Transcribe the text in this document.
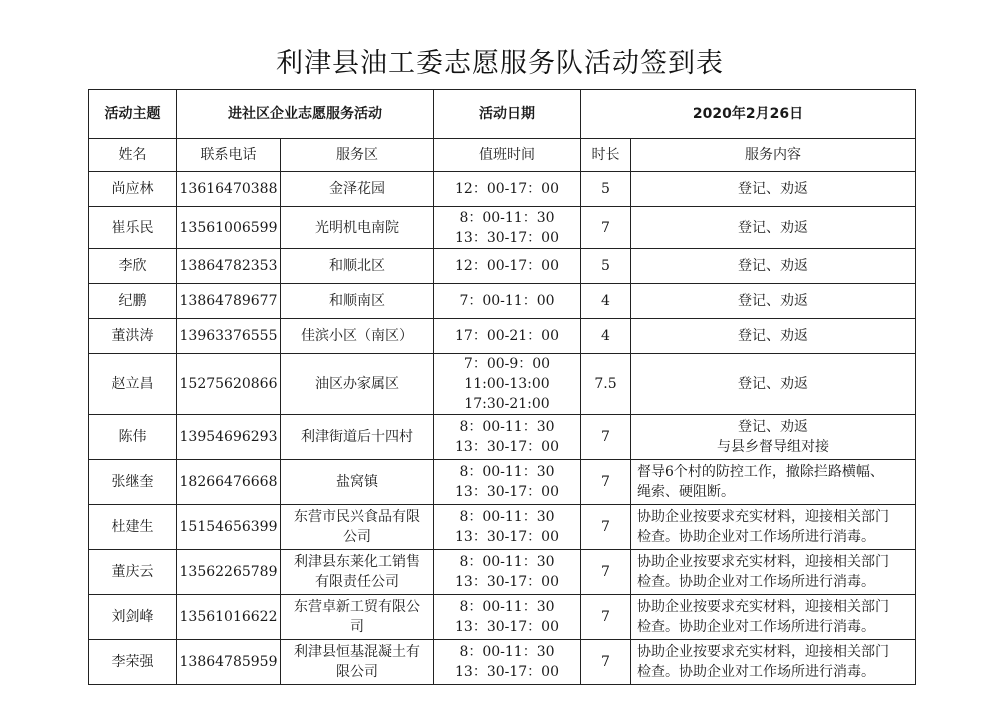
利津县油工委志愿服务队活动签到表
活动主题	进社区企业志愿服务活动		活动日期	2020年2月26日	
姓名	联系电话	服务区	值班时间	时长	服务内容
尚应林	13616470388	金泽花园	12：00-17：00	5	登记、劝返

崔乐民	13561006599	光明机电南院	8：00-11：30
13：30-17：00	7	登记、劝返

李欣	13864782353	和顺北区	12：00-17：00	5	登记、劝返

纪鹏	13864789677	和顺南区	7：00-11：00	4	登记、劝返

董洪涛	13963376555	佳滨小区（南区）	17：00-21：00	4	登记、劝返

赵立昌	15275620866	油区办家属区	7：00-9：00
11:00-13:00
17:30-21:00	7.5	登记、劝返

陈伟	13954696293	利津街道后十四村	8：00-11：30
13：30-17：00	7	登记、劝返
与县乡督导组对接

张继奎	18266476668	盐窝镇	8：00-11：30
13：30-17：00	7	督导6个村的防控工作，撤除拦路横幅、
绳索、硬阻断。

杜建生	15154656399	东营市民兴食品有限
公司	8：00-11：30
13：30-17：00	7	协助企业按要求充实材料，迎接相关部门
检查。协助企业对工作场所进行消毒。

董庆云	13562265789	利津县东莱化工销售
有限责任公司	8：00-11：30
13：30-17：00	7	协助企业按要求充实材料，迎接相关部门
检查。协助企业对工作场所进行消毒。

刘剑峰	13561016622	东营卓新工贸有限公
司	8：00-11：30
13：30-17：00	7	协助企业按要求充实材料，迎接相关部门
检查。协助企业对工作场所进行消毒。

李荣强	13864785959	利津县恒基混凝土有
限公司	8：00-11：30
13：30-17：00	7	协助企业按要求充实材料，迎接相关部门
检查。协助企业对工作场所进行消毒。
